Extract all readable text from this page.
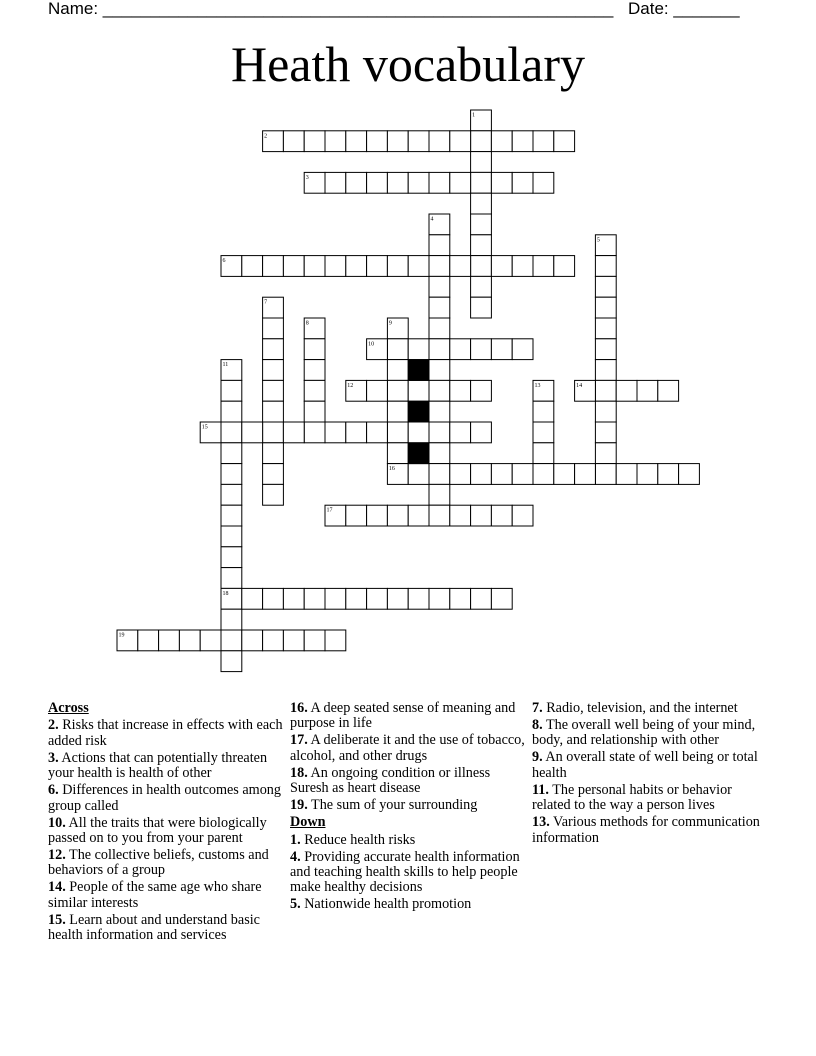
Name: ______________________________________________________ Date: _______
Heath vocabulary
1
2
3
4
5
6
7
8	9
10
11
12	13	14
15
16
17
18
19
Across
2. Risks that increase in effects with each added risk
3. Actions that can potentially threaten your health is health of other
6. Differences in health outcomes among group called
10. All the traits that were biologically passed on to you from your parent
12. The collective beliefs, customs and behaviors of a group
14. People of the same age who share similar interests
15. Learn about and understand basic health information and services
16. A deep seated sense of meaning and purpose in life
17. A deliberate it and the use of tobacco, alcohol, and other drugs
18. An ongoing condition or illness Suresh as heart disease
19. The sum of your surrounding
Down
1. Reduce health risks
4. Providing accurate health information and teaching health skills to help people make healthy decisions
5. Nationwide health promotion
7. Radio, television, and the internet
8. The overall well being of your mind, body, and relationship with other
9. An overall state of well being or total health
11. The personal habits or behavior related to the way a person lives
13. Various methods for communication information
